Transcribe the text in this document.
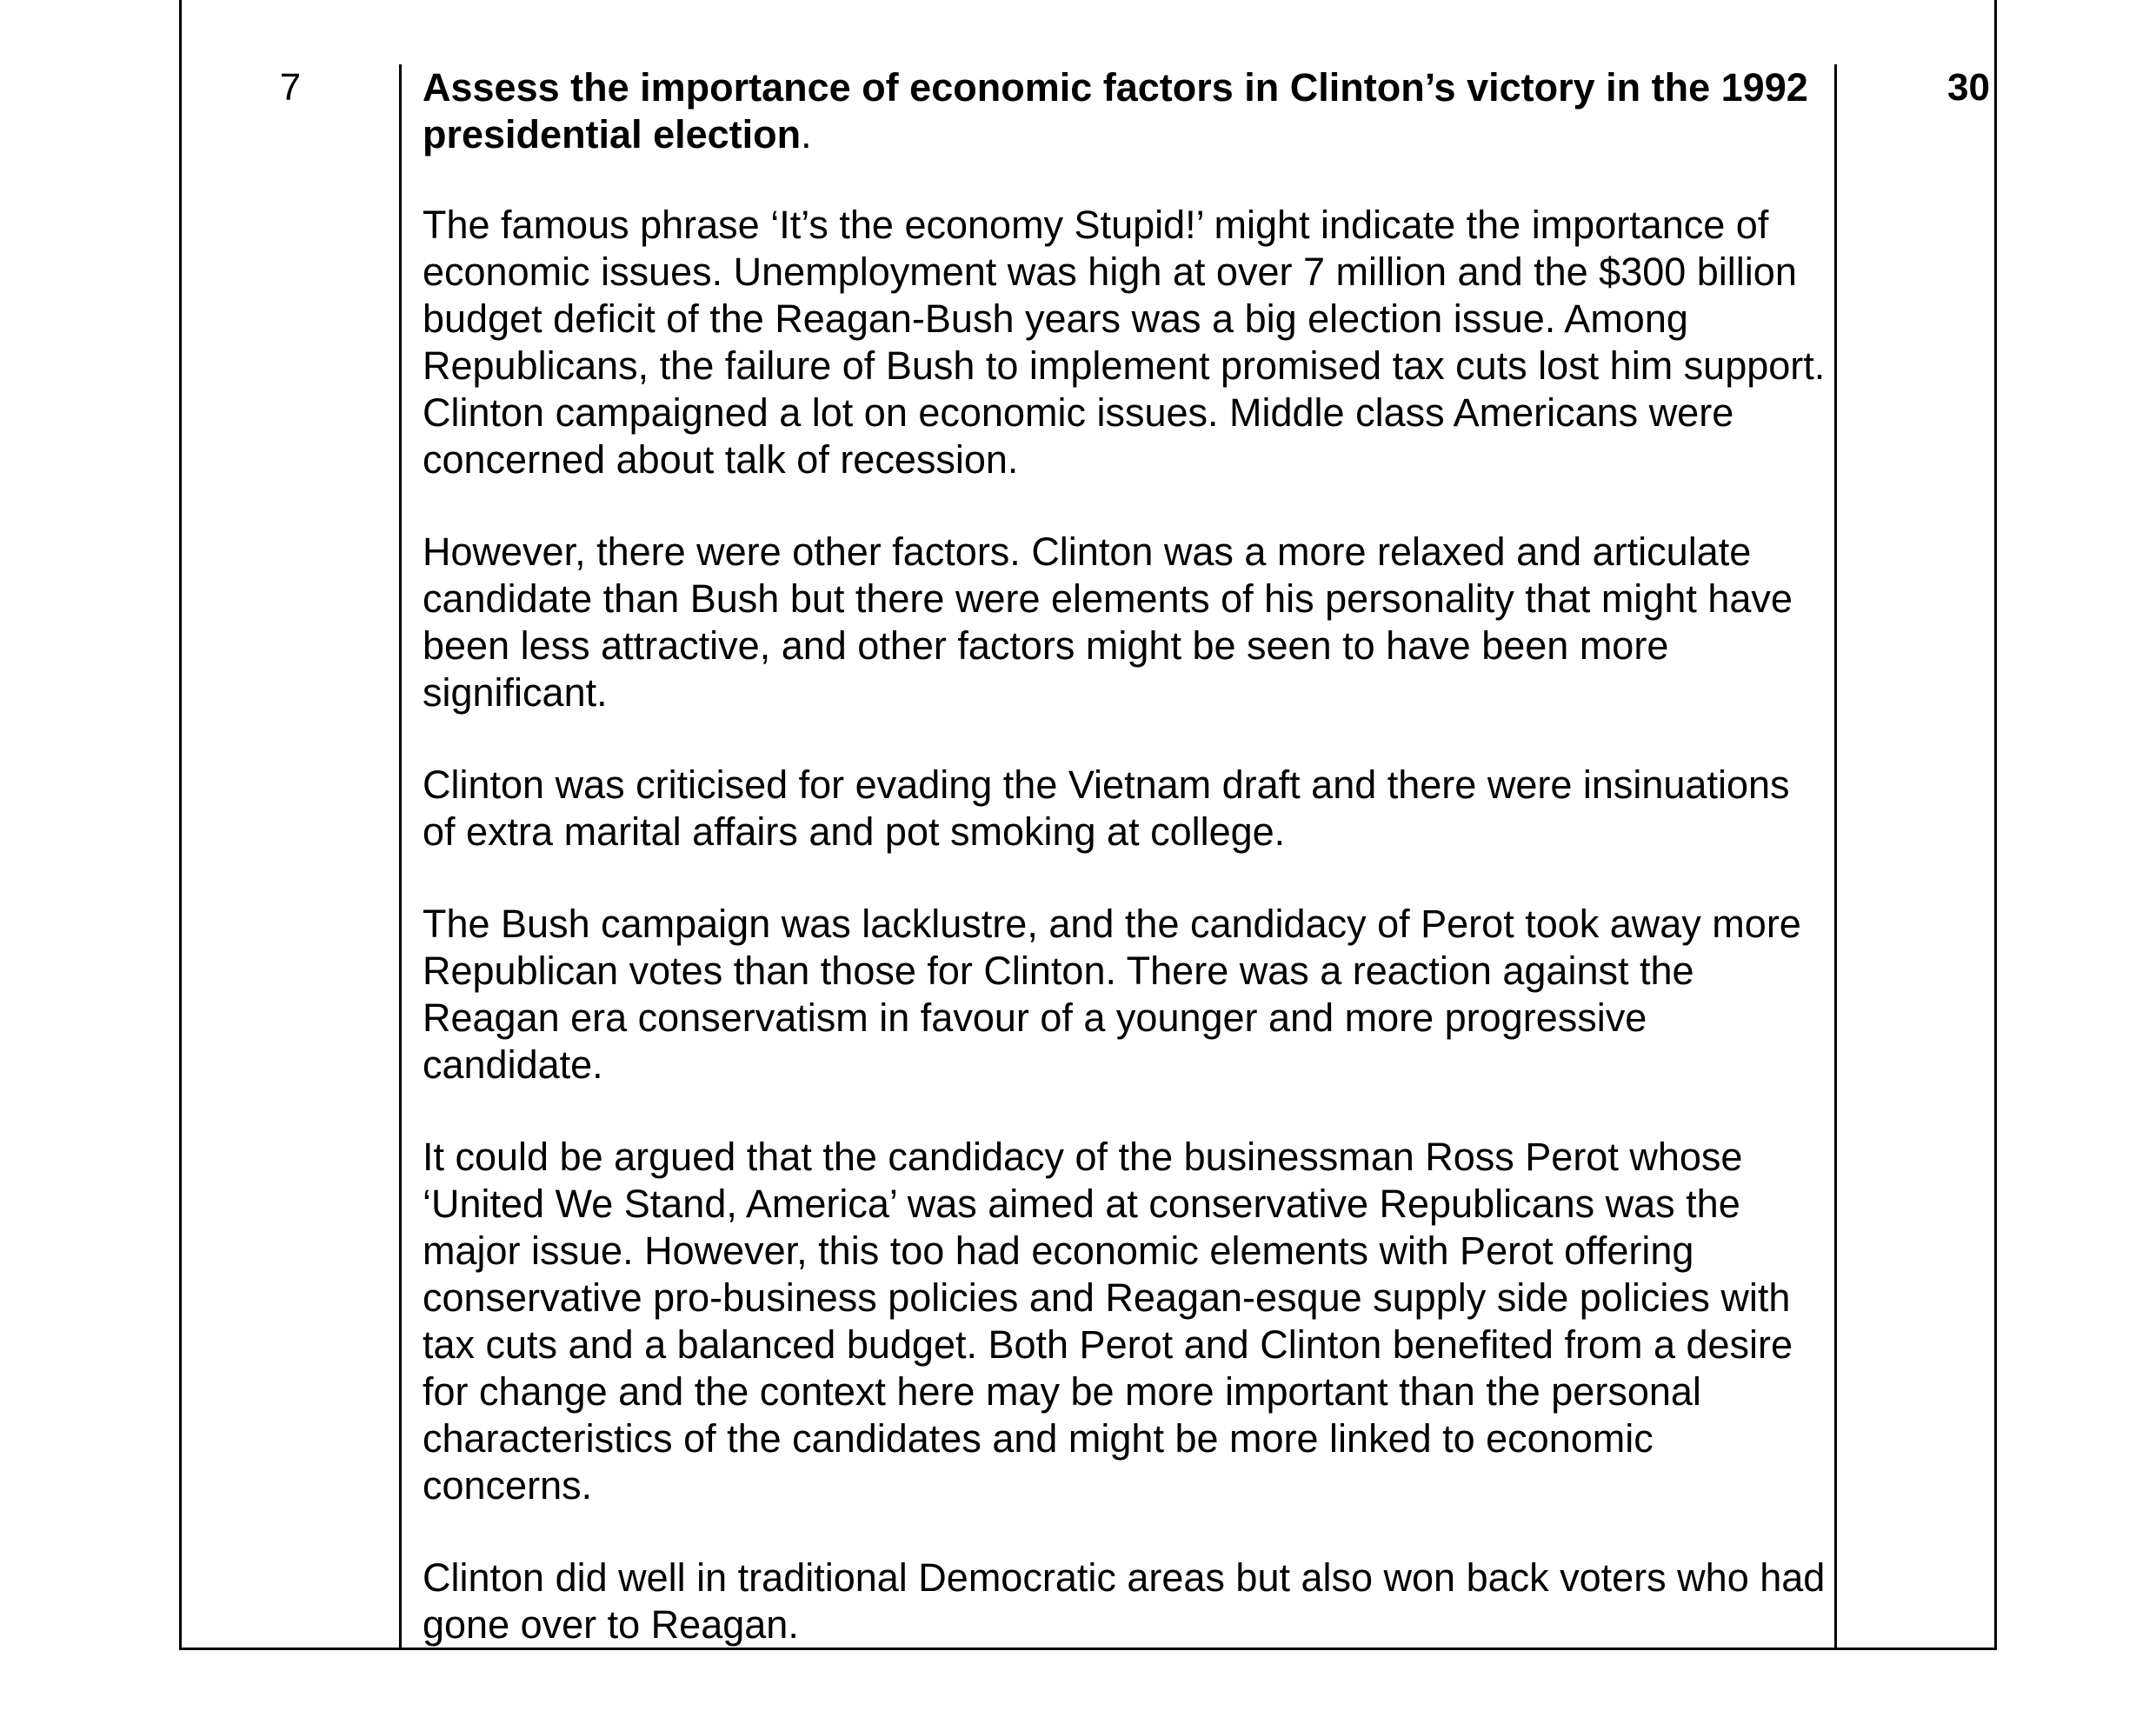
7	Assess the importance of economic factors in Clinton’s victory in the 1992 presidential election.

The famous phrase ‘It’s the economy Stupid!’ might indicate the importance of economic issues. Unemployment was high at over 7 million and the $300 billion budget deficit of the Reagan-Bush years was a big election issue. Among Republicans, the failure of Bush to implement promised tax cuts lost him support. Clinton campaigned a lot on economic issues. Middle class Americans were concerned about talk of recession.

However, there were other factors. Clinton was a more relaxed and articulate candidate than Bush but there were elements of his personality that might have been less attractive, and other factors might be seen to have been more significant.

Clinton was criticised for evading the Vietnam draft and there were insinuations of extra marital affairs and pot smoking at college.

The Bush campaign was lacklustre, and the candidacy of Perot took away more Republican votes than those for Clinton. There was a reaction against the Reagan era conservatism in favour of a younger and more progressive candidate.

It could be argued that the candidacy of the businessman Ross Perot whose ‘United We Stand, America’ was aimed at conservative Republicans was the major issue. However, this too had economic elements with Perot offering conservative pro-business policies and Reagan-esque supply side policies with tax cuts and a balanced budget. Both Perot and Clinton benefited from a desire for change and the context here may be more important than the personal characteristics of the candidates and might be more linked to economic concerns.

Clinton did well in traditional Democratic areas but also won back voters who had gone over to Reagan.

30
